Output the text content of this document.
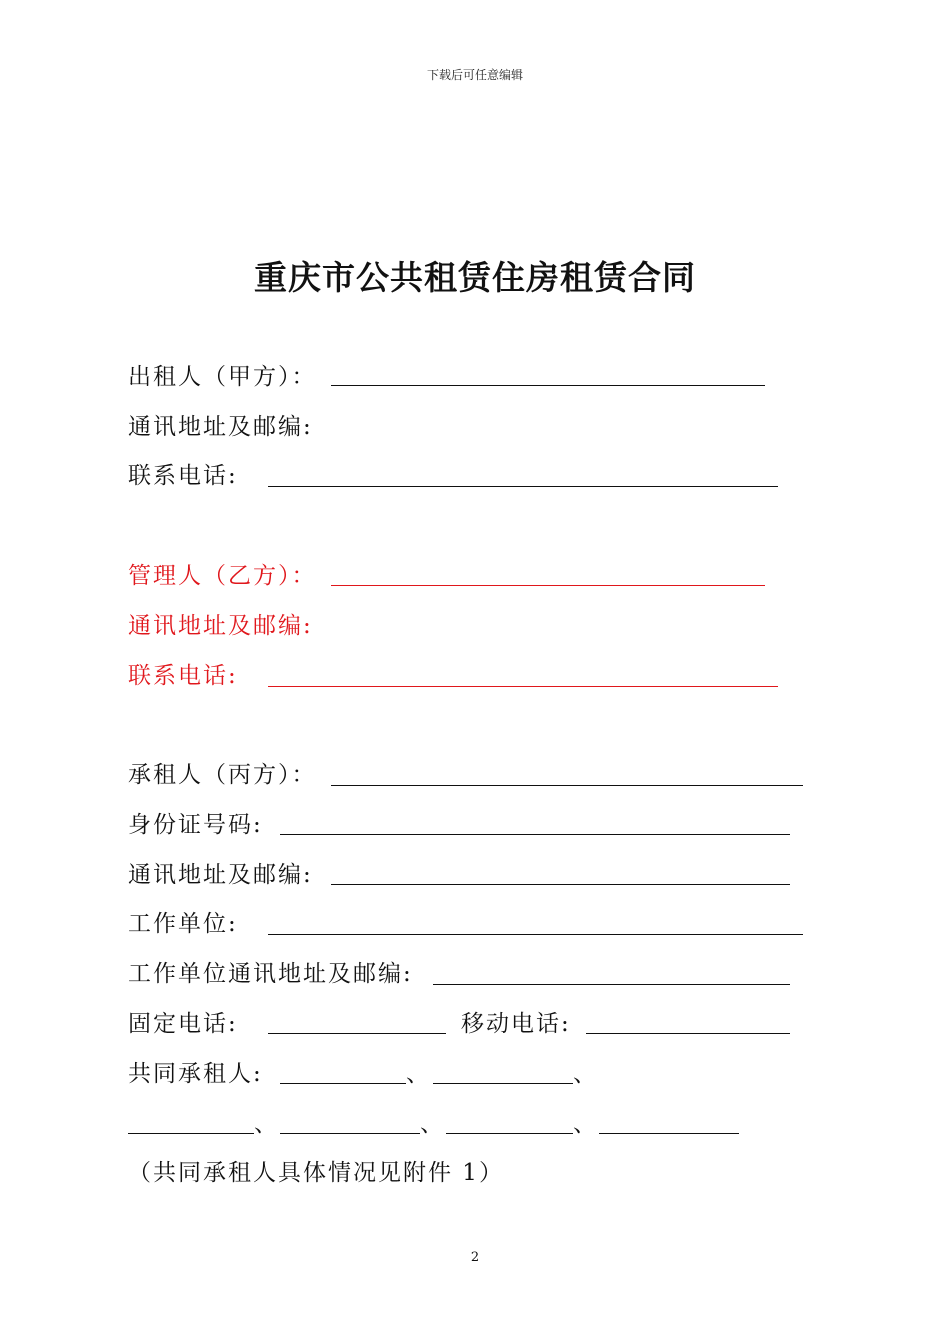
下载后可任意编辑
重庆市公共租赁住房租赁合同
出租人（甲方）：
通讯地址及邮编:
联系电话:
管理人（乙方）：
通讯地址及邮编:
联系电话:
承租人（丙方）：
身份证号码:
通讯地址及邮编:
工作单位:
工作单位通讯地址及邮编:
固定电话:	移动电话:
共同承租人:	、	、
、	、	、
（共同承租人具体情况见附件 1）
2
